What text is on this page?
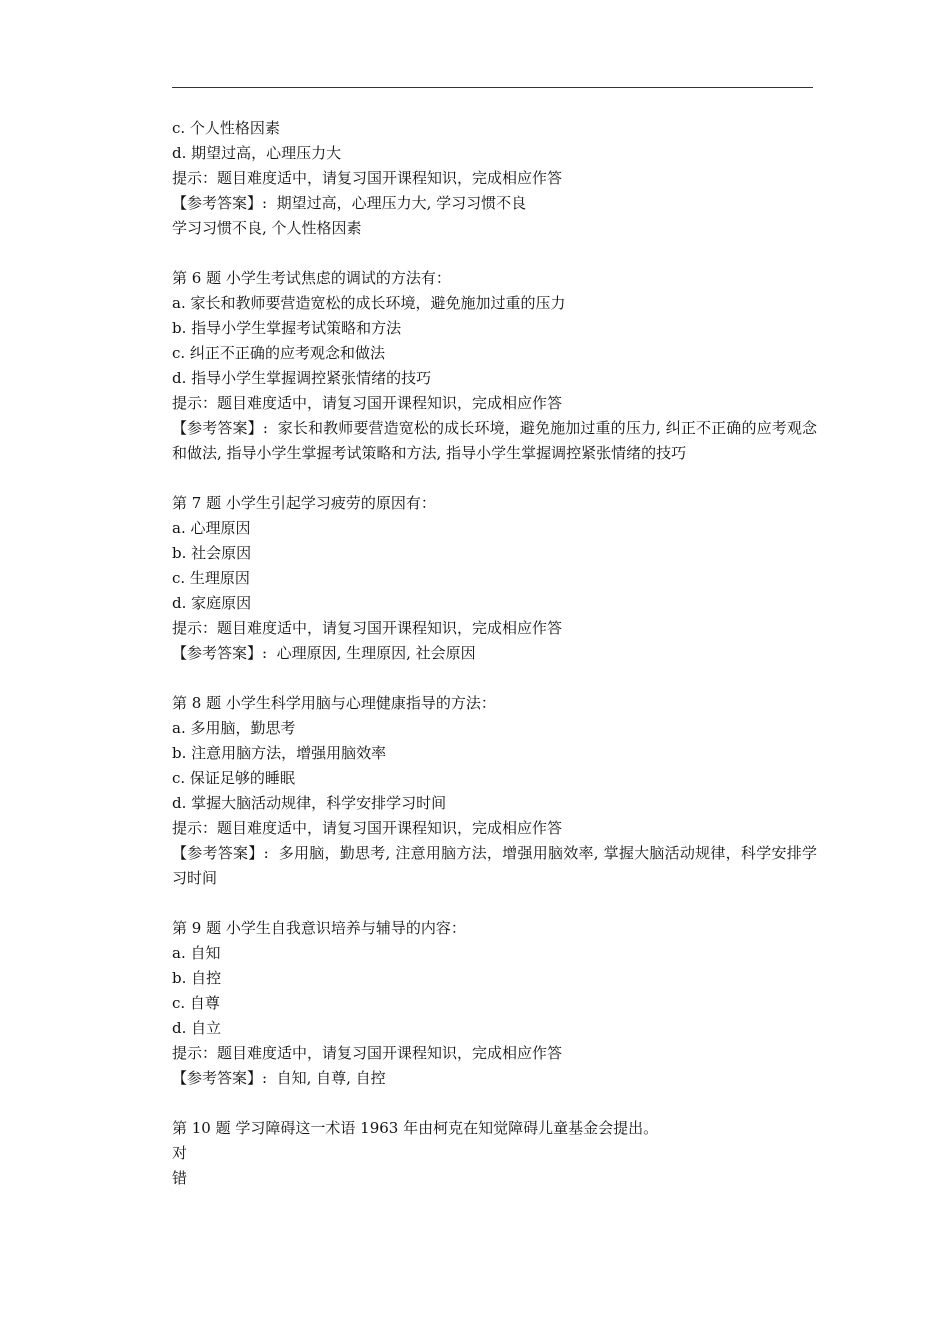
c. 个人性格因素

d. 期望过高，心理压力大

提示：题目难度适中，请复习国开课程知识，完成相应作答

【参考答案】: 期望过高，心理压力大, 学习习惯不良

学习习惯不良, 个人性格因素

第 6 题 小学生考试焦虑的调试的方法有：

a. 家长和教师要营造宽松的成长环境，避免施加过重的压力

b. 指导小学生掌握考试策略和方法

c. 纠正不正确的应考观念和做法

d. 指导小学生掌握调控紧张情绪的技巧

提示：题目难度适中，请复习国开课程知识，完成相应作答

【参考答案】: 家长和教师要营造宽松的成长环境，避免施加过重的压力, 纠正不正确的应考观念和做法, 指导小学生掌握考试策略和方法, 指导小学生掌握调控紧张情绪的技巧

第 7 题 小学生引起学习疲劳的原因有：

a. 心理原因

b. 社会原因

c. 生理原因

d. 家庭原因

提示：题目难度适中，请复习国开课程知识，完成相应作答

【参考答案】: 心理原因, 生理原因, 社会原因

第 8 题 小学生科学用脑与心理健康指导的方法：

a. 多用脑，勤思考

b. 注意用脑方法，增强用脑效率

c. 保证足够的睡眠

d. 掌握大脑活动规律，科学安排学习时间

提示：题目难度适中，请复习国开课程知识，完成相应作答

【参考答案】: 多用脑，勤思考, 注意用脑方法，增强用脑效率, 掌握大脑活动规律，科学安排学习时间

第 9 题 小学生自我意识培养与辅导的内容：

a. 自知

b. 自控

c. 自尊

d. 自立

提示：题目难度适中，请复习国开课程知识，完成相应作答

【参考答案】: 自知, 自尊, 自控

第 10 题 学习障碍这一术语 1963 年由柯克在知觉障碍儿童基金会提出。

对

错
